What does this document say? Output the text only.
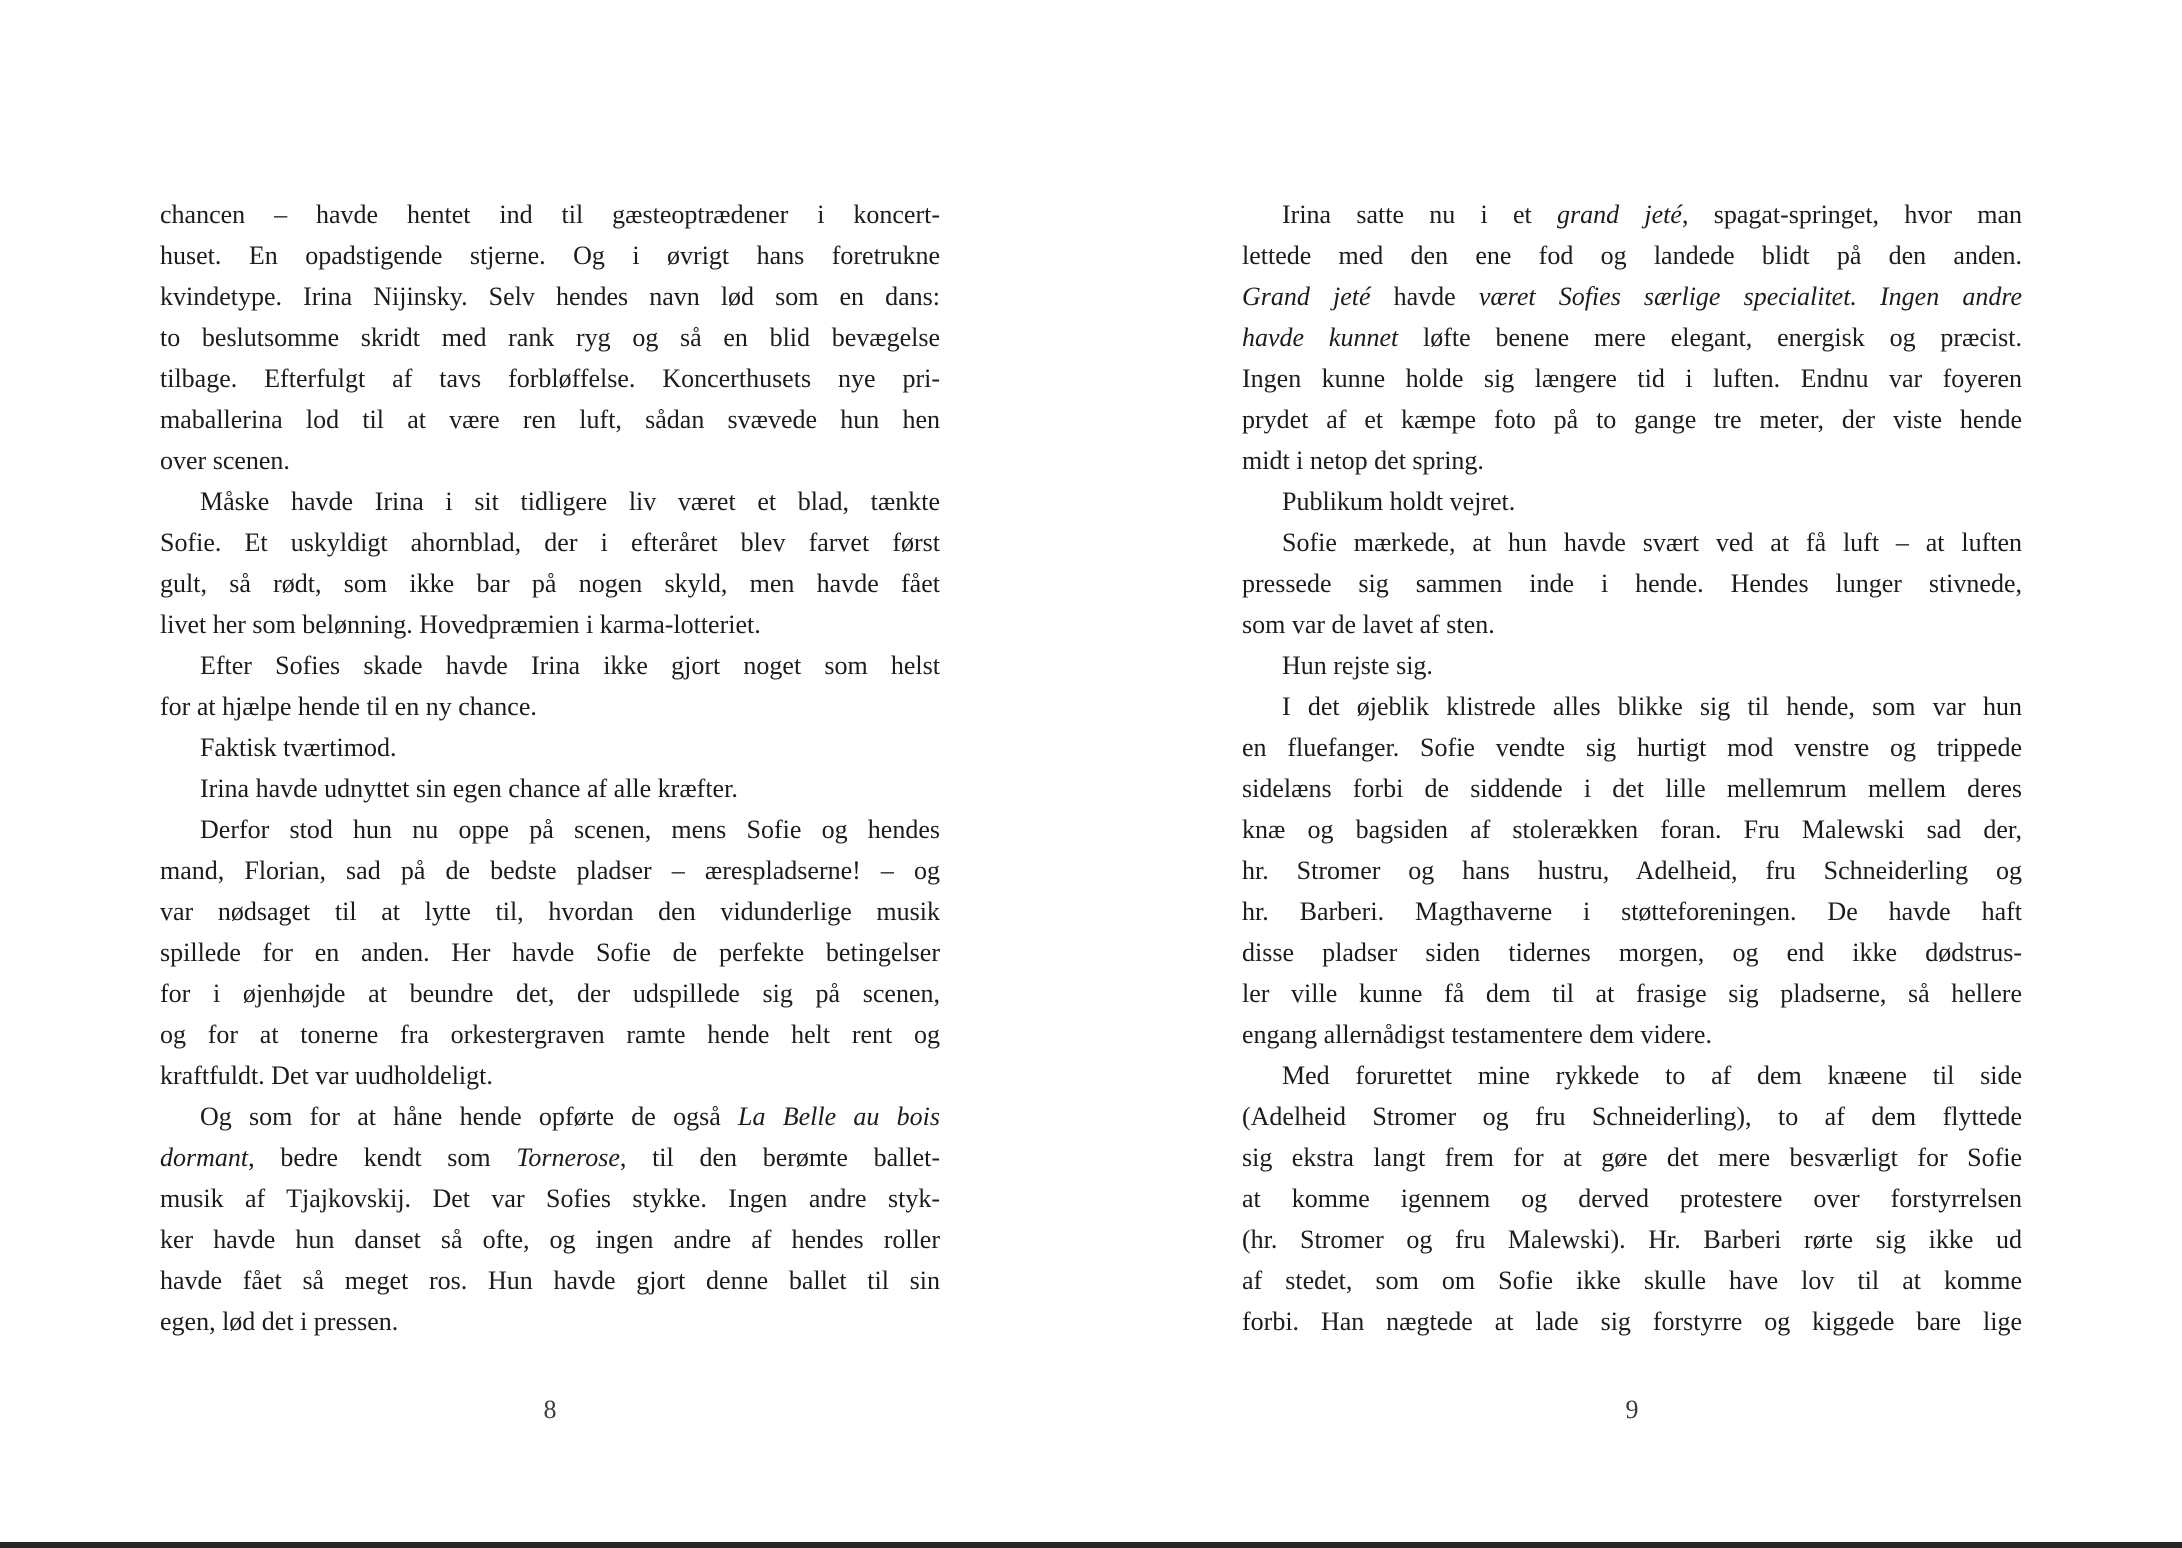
chancen – havde hentet ind til gæsteoptrædener i koncert-
huset. En opadstigende stjerne. Og i øvrigt hans foretrukne
kvindetype. Irina Nijinsky. Selv hendes navn lød som en dans:
to beslutsomme skridt med rank ryg og så en blid bevægelse
tilbage. Efterfulgt af tavs forbløffelse. Koncerthusets nye pri-
maballerina lod til at være ren luft, sådan svævede hun hen
over scenen.
Måske havde Irina i sit tidligere liv været et blad, tænkte
Sofie. Et uskyldigt ahornblad, der i efteråret blev farvet først
gult, så rødt, som ikke bar på nogen skyld, men havde fået
livet her som belønning. Hovedpræmien i karma-lotteriet.
Efter Sofies skade havde Irina ikke gjort noget som helst
for at hjælpe hende til en ny chance.
Faktisk tværtimod.
Irina havde udnyttet sin egen chance af alle kræfter.
Derfor stod hun nu oppe på scenen, mens Sofie og hendes
mand, Florian, sad på de bedste pladser – ærespladserne! – og
var nødsaget til at lytte til, hvordan den vidunderlige musik
spillede for en anden. Her havde Sofie de perfekte betingelser
for i øjenhøjde at beundre det, der udspillede sig på scenen,
og for at tonerne fra orkestergraven ramte hende helt rent og
kraftfuldt. Det var uudholdeligt.
Og som for at håne hende opførte de også La Belle au bois
dormant, bedre kendt som Tornerose, til den berømte ballet-
musik af Tjajkovskij. Det var Sofies stykke. Ingen andre styk-
ker havde hun danset så ofte, og ingen andre af hendes roller
havde fået så meget ros. Hun havde gjort denne ballet til sin
egen, lød det i pressen.
8
Irina satte nu i et grand jeté, spagat-springet, hvor man
lettede med den ene fod og landede blidt på den anden.
Grand jeté havde været Sofies særlige specialitet. Ingen andre
havde kunnet løfte benene mere elegant, energisk og præcist.
Ingen kunne holde sig længere tid i luften. Endnu var foyeren
prydet af et kæmpe foto på to gange tre meter, der viste hende
midt i netop det spring.
Publikum holdt vejret.
Sofie mærkede, at hun havde svært ved at få luft – at luften
pressede sig sammen inde i hende. Hendes lunger stivnede,
som var de lavet af sten.
Hun rejste sig.
I det øjeblik klistrede alles blikke sig til hende, som var hun
en fluefanger. Sofie vendte sig hurtigt mod venstre og trippede
sidelæns forbi de siddende i det lille mellemrum mellem deres
knæ og bagsiden af stolerækken foran. Fru Malewski sad der,
hr. Stromer og hans hustru, Adelheid, fru Schneiderling og
hr. Barberi. Magthaverne i støtteforeningen. De havde haft
disse pladser siden tidernes morgen, og end ikke dødstrus-
ler ville kunne få dem til at frasige sig pladserne, så hellere
engang allernådigst testamentere dem videre.
Med forurettet mine rykkede to af dem knæene til side
(Adelheid Stromer og fru Schneiderling), to af dem flyttede
sig ekstra langt frem for at gøre det mere besværligt for Sofie
at komme igennem og derved protestere over forstyrrelsen
(hr. Stromer og fru Malewski). Hr. Barberi rørte sig ikke ud
af stedet, som om Sofie ikke skulle have lov til at komme
forbi. Han nægtede at lade sig forstyrre og kiggede bare lige
9
